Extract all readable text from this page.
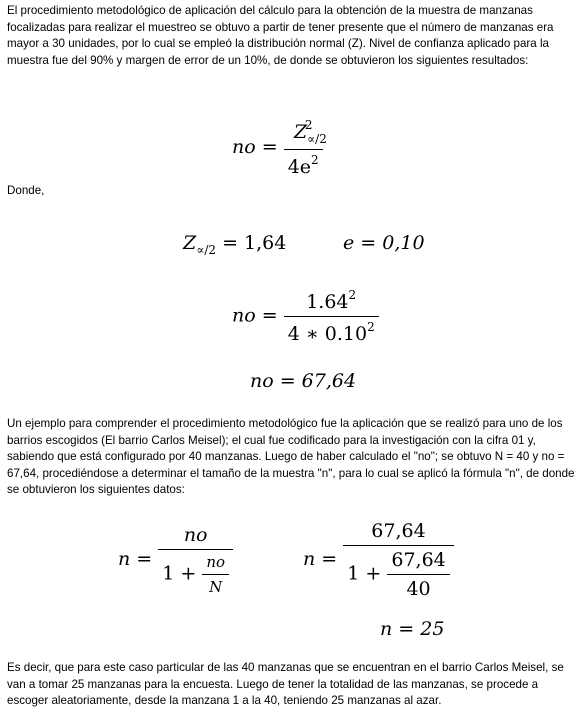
El procedimiento metodológico de aplicación del cálculo para la obtención de la muestra de manzanas focalizadas para realizar el muestreo se obtuvo a partir de tener presente que el número de manzanas era mayor a 30 unidades, por lo cual se empleó la distribución normal (Z). Nivel de confianza aplicado para la muestra fue del 90% y margen de error de un 10%, de donde se obtuvieron los siguientes resultados:

no = $\frac{Z_{\propto/2}^2}{4e^2}$

Donde,

$Z_{\propto/2} = 1,64$	e = 0,10
no = $\frac{1.64^2}{4 ∗ 0.10^2}$
no = 67,64

Un ejemplo para comprender el procedimiento metodológico fue la aplicación que se realizó para uno de los barrios escogidos (El barrio Carlos Meisel); el cual fue codificado para la investigación con la cifra 01 y, sabiendo que está configurado por 40 manzanas. Luego de haber calculado el "no"; se obtuvo N = 40 y no = 67,64, procediéndose a determinar el tamaño de la muestra "n", para lo cual se aplicó la fórmula "n", de donde se obtuvieron los siguientes datos:

$n = \frac{no}{1 + \frac{no}{N}}$	$n = \frac{67,64}{1 + \frac{67,64}{40}}$
n = 25

Es decir, que para este caso particular de las 40 manzanas que se encuentran en el barrio Carlos Meisel, se van a tomar 25 manzanas para la encuesta. Luego de tener la totalidad de las manzanas, se procede a escoger aleatoriamente, desde la manzana 1 a la 40, teniendo 25 manzanas al azar.
